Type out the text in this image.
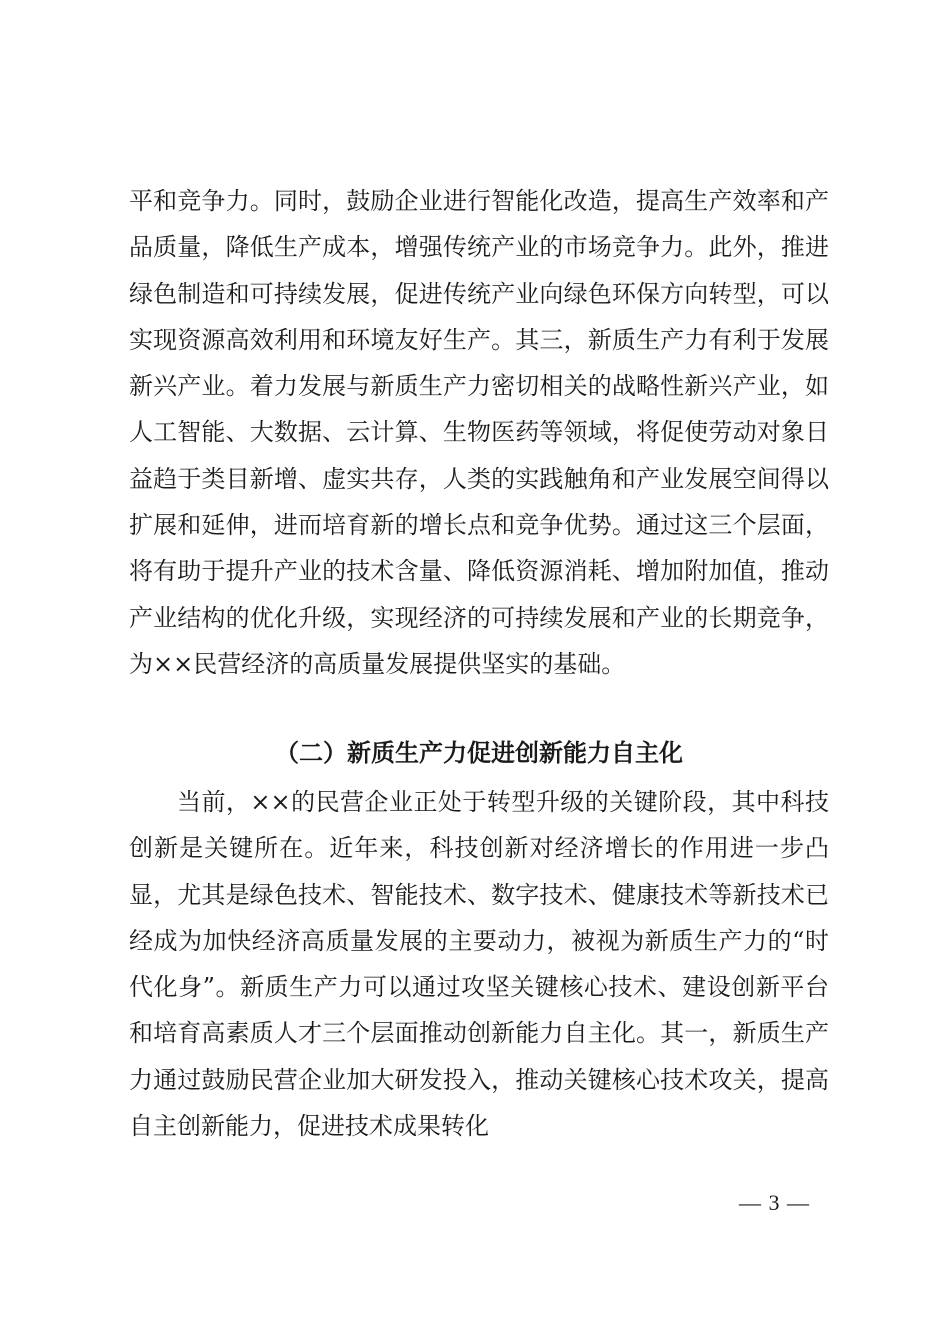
平和竞争力。同时，鼓励企业进行智能化改造，提高生产效率和产品质量，降低生产成本，增强传统产业的市场竞争力。此外，推进绿色制造和可持续发展，促进传统产业向绿色环保方向转型，可以实现资源高效利用和环境友好生产。其三，新质生产力有利于发展新兴产业。着力发展与新质生产力密切相关的战略性新兴产业，如人工智能、大数据、云计算、生物医药等领域，将促使劳动对象日益趋于类目新增、虚实共存，人类的实践触角和产业发展空间得以扩展和延伸，进而培育新的增长点和竞争优势。通过这三个层面，将有助于提升产业的技术含量、降低资源消耗、增加附加值，推动产业结构的优化升级，实现经济的可持续发展和产业的长期竞争，为××民营经济的高质量发展提供坚实的基础。

（二）新质生产力促进创新能力自主化

当前，××的民营企业正处于转型升级的关键阶段，其中科技创新是关键所在。近年来，科技创新对经济增长的作用进一步凸显，尤其是绿色技术、智能技术、数字技术、健康技术等新技术已经成为加快经济高质量发展的主要动力，被视为新质生产力的“时代化身”。新质生产力可以通过攻坚关键核心技术、建设创新平台和培育高素质人才三个层面推动创新能力自主化。其一，新质生产力通过鼓励民营企业加大研发投入，推动关键核心技术攻关，提高自主创新能力，促进技术成果转化

— 3 —
